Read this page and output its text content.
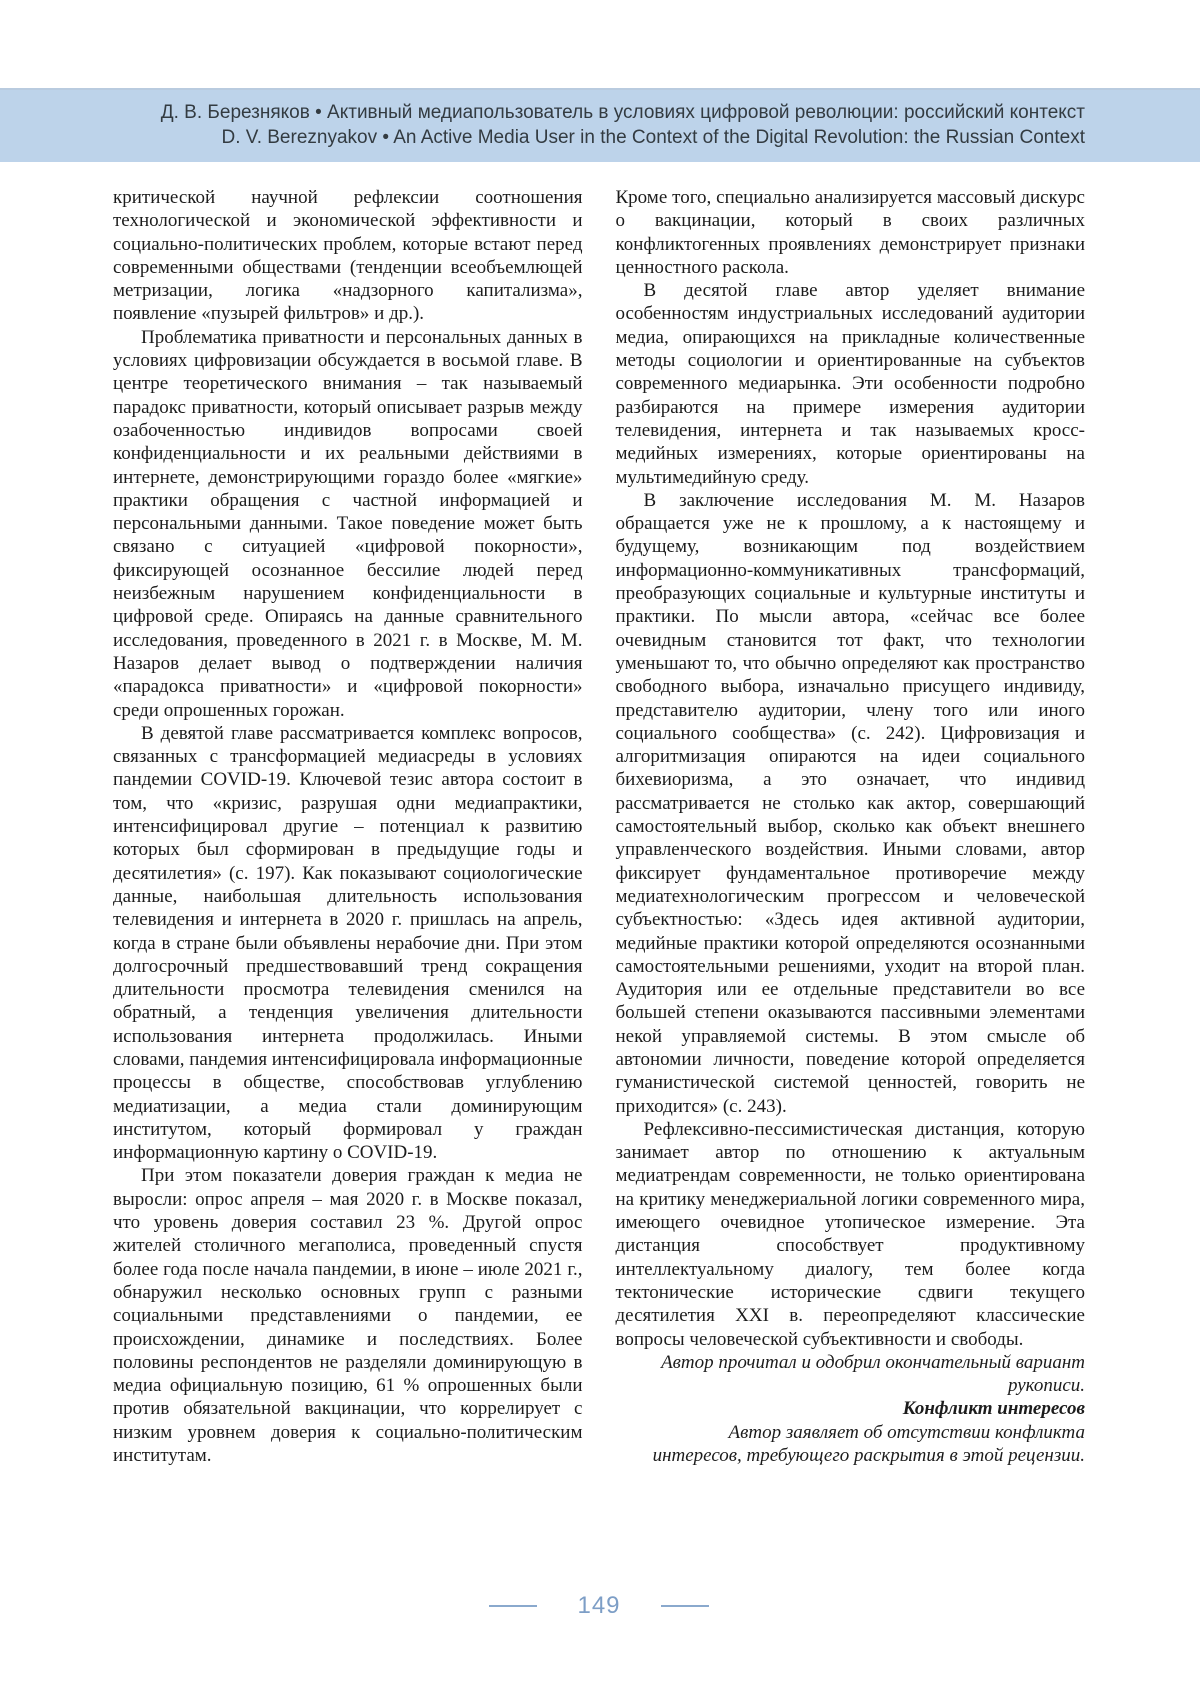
Д. В. Березняков • Активный медиапользователь в условиях цифровой революции: российский контекст
D. V. Bereznyakov • An Active Media User in the Context of the Digital Revolution: the Russian Context

критической научной рефлексии соотношения технологической и экономической эффективности и социально-политических проблем, которые встают перед современными обществами (тенденции всеобъемлющей метризации, логика «надзорного капитализма», появление «пузырей фильтров» и др.).

Проблематика приватности и персональных данных в условиях цифровизации обсуждается в восьмой главе. В центре теоретического внимания – так называемый парадокс приватности, который описывает разрыв между озабоченностью индивидов вопросами своей конфиденциальности и их реальными действиями в интернете, демонстрирующими гораздо более «мягкие» практики обращения с частной информацией и персональными данными. Такое поведение может быть связано с ситуацией «цифровой покорности», фиксирующей осознанное бессилие людей перед неизбежным нарушением конфиденциальности в цифровой среде. Опираясь на данные сравнительного исследования, проведенного в 2021 г. в Москве, М. М. Назаров делает вывод о подтверждении наличия «парадокса приватности» и «цифровой покорности» среди опрошенных горожан.

В девятой главе рассматривается комплекс вопросов, связанных с трансформацией медиасреды в условиях пандемии COVID-19. Ключевой тезис автора состоит в том, что «кризис, разрушая одни медиапрактики, интенсифицировал другие – потенциал к развитию которых был сформирован в предыдущие годы и десятилетия» (с. 197). Как показывают социологические данные, наибольшая длительность использования телевидения и интернета в 2020 г. пришлась на апрель, когда в стране были объявлены нерабочие дни. При этом долгосрочный предшествовавший тренд сокращения длительности просмотра телевидения сменился на обратный, а тенденция увеличения длительности использования интернета продолжилась. Иными словами, пандемия интенсифицировала информационные процессы в обществе, способствовав углублению медиатизации, а медиа стали доминирующим институтом, который формировал у граждан информационную картину о COVID-19.

При этом показатели доверия граждан к медиа не выросли: опрос апреля – мая 2020 г. в Москве показал, что уровень доверия составил 23 %. Другой опрос жителей столичного мегаполиса, проведенный спустя более года после начала пандемии, в июне – июле 2021 г., обнаружил несколько основных групп с разными социальными представлениями о пандемии, ее происхождении, динамике и последствиях. Более половины респондентов не разделяли доминирующую в медиа официальную позицию, 61 % опрошенных были против обязательной вакцинации, что коррелирует с низким уровнем доверия к социально-политическим институтам.

Кроме того, специально анализируется массовый дискурс о вакцинации, который в своих различных конфликтогенных проявлениях демонстрирует признаки ценностного раскола.

В десятой главе автор уделяет внимание особенностям индустриальных исследований аудитории медиа, опирающихся на прикладные количественные методы социологии и ориентированные на субъектов современного медиарынка. Эти особенности подробно разбираются на примере измерения аудитории телевидения, интернета и так называемых кросс-медийных измерениях, которые ориентированы на мультимедийную среду.

В заключение исследования М. М. Назаров обращается уже не к прошлому, а к настоящему и будущему, возникающим под воздействием информационно-коммуникативных трансформаций, преобразующих социальные и культурные институты и практики. По мысли автора, «сейчас все более очевидным становится тот факт, что технологии уменьшают то, что обычно определяют как пространство свободного выбора, изначально присущего индивиду, представителю аудитории, члену того или иного социального сообщества» (с. 242). Цифровизация и алгоритмизация опираются на идеи социального бихевиоризма, а это означает, что индивид рассматривается не столько как актор, совершающий самостоятельный выбор, сколько как объект внешнего управленческого воздействия. Иными словами, автор фиксирует фундаментальное противоречие между медиатехнологическим прогрессом и человеческой субъектностью: «Здесь идея активной аудитории, медийные практики которой определяются осознанными самостоятельными решениями, уходит на второй план. Аудитория или ее отдельные представители во все большей степени оказываются пассивными элементами некой управляемой системы. В этом смысле об автономии личности, поведение которой определяется гуманистической системой ценностей, говорить не приходится» (с. 243).

Рефлексивно-пессимистическая дистанция, которую занимает автор по отношению к актуальным медиатрендам современности, не только ориентирована на критику менеджериальной логики современного мира, имеющего очевидное утопическое измерение. Эта дистанция способствует продуктивному интеллектуальному диалогу, тем более когда тектонические исторические сдвиги текущего десятилетия XXI в. переопределяют классические вопросы человеческой субъективности и свободы.

Автор прочитал и одобрил окончательный вариант рукописи.

Конфликт интересов

Автор заявляет об отсутствии конфликта интересов, требующего раскрытия в этой рецензии.

149
